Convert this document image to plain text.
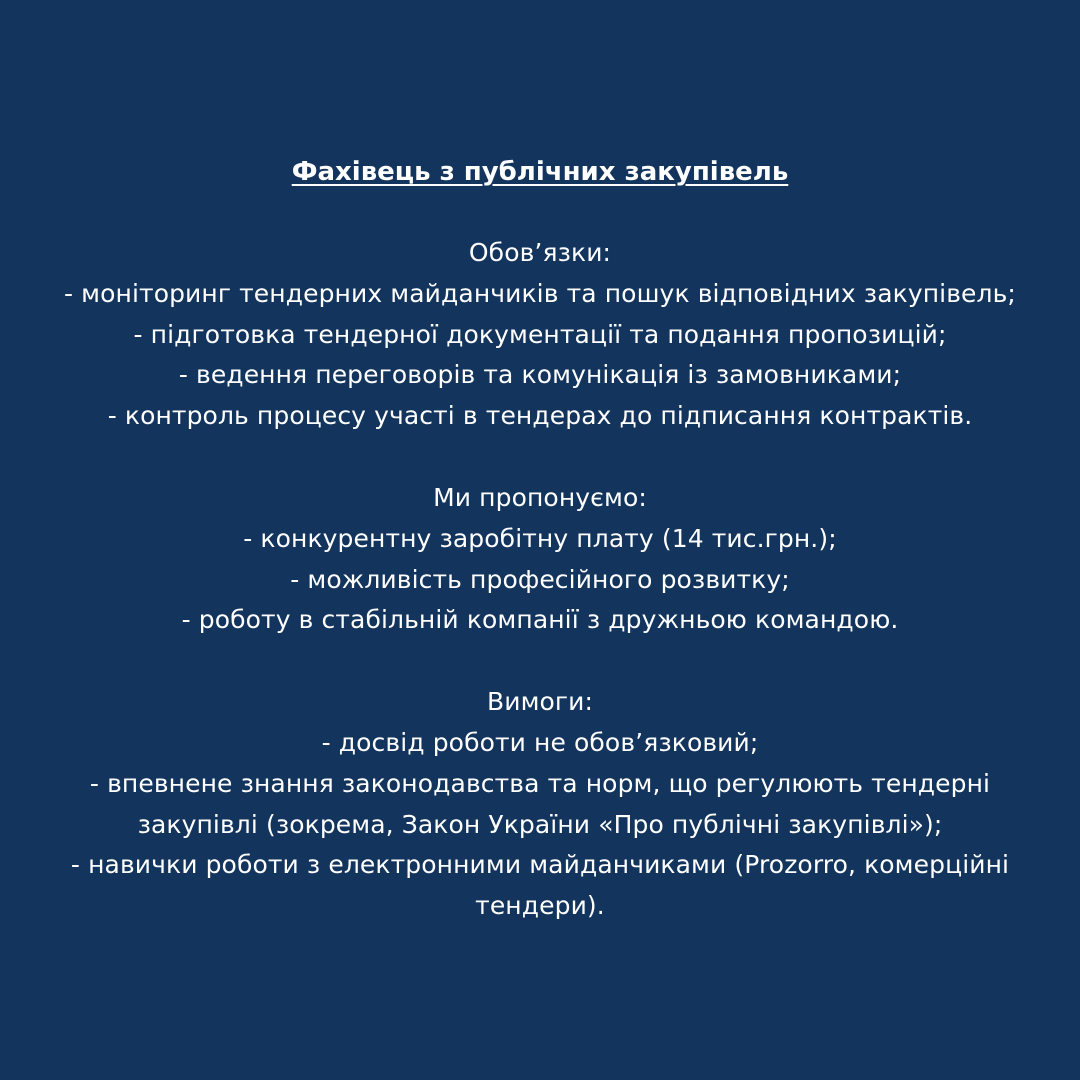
Фахівець з публічних закупівель

Обов’язки:

- моніторинг тендерних майданчиків та пошук відповідних закупівель;

- підготовка тендерної документації та подання пропозицій;

- ведення переговорів та комунікація із замовниками;

- контроль процесу участі в тендерах до підписання контрактів.

Ми пропонуємо:

- конкурентну заробітну плату (14 тис.грн.);

- можливість професійного розвитку;

- роботу в стабільній компанії з дружньою командою.

Вимоги:

- досвід роботи не обов’язковий;

- впевнене знання законодавства та норм, що регулюють тендерні закупівлі (зокрема, Закон України «Про публічні закупівлі»);

- навички роботи з електронними майданчиками (Prozorro, комерційні тендери).
